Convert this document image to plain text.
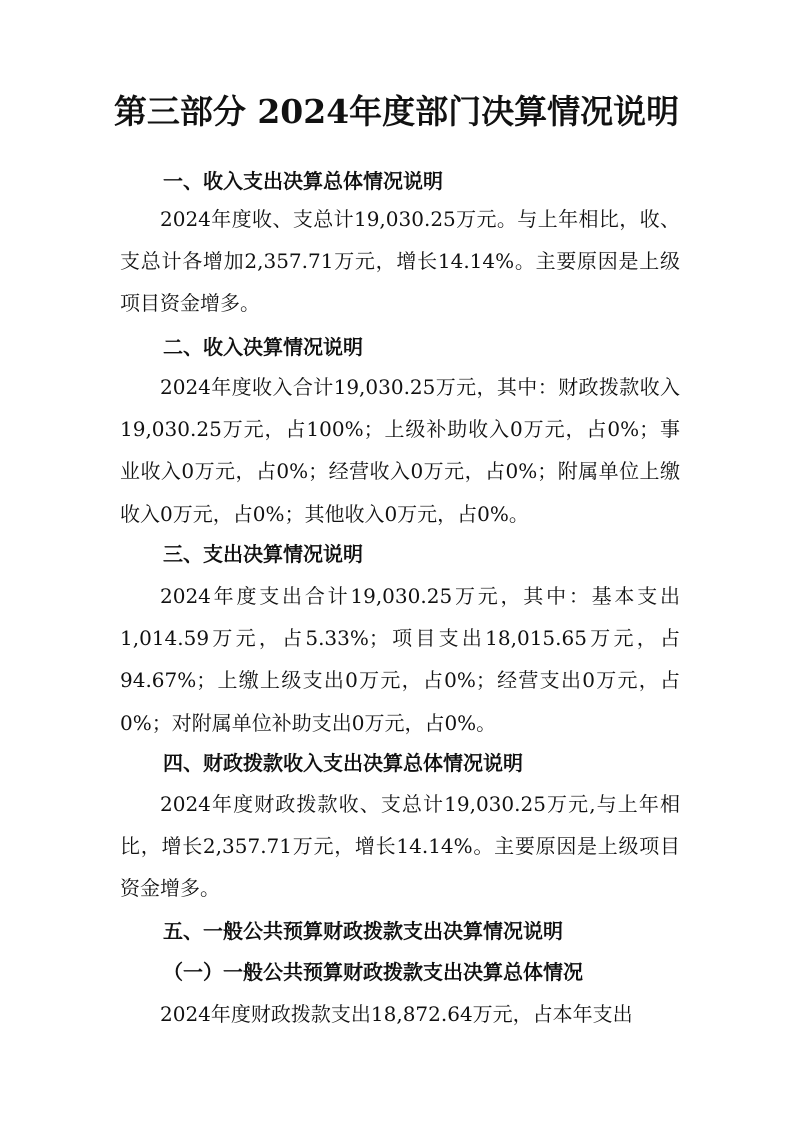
第三部分 2024年度部门决算情况说明
一、收入支出决算总体情况说明

2024年度收、支总计19,030.25万元。与上年相比，收、支总计各增加2,357.71万元，增长14.14%。主要原因是上级项目资金增多。

二、收入决算情况说明

2024年度收入合计19,030.25万元，其中：财政拨款收入19,030.25万元，占100%；上级补助收入0万元，占0%；事业收入0万元，占0%；经营收入0万元，占0%；附属单位上缴收入0万元，占0%；其他收入0万元，占0%。

三、支出决算情况说明

2024年度支出合计19,030.25万元，其中：基本支出1,014.59万元，占5.33%；项目支出18,015.65万元，占94.67%；上缴上级支出0万元，占0%；经营支出0万元，占0%；对附属单位补助支出0万元，占0%。

四、财政拨款收入支出决算总体情况说明

2024年度财政拨款收、支总计19,030.25万元,与上年相比，增长2,357.71万元，增长14.14%。主要原因是上级项目资金增多。

五、一般公共预算财政拨款支出决算情况说明
（一）一般公共预算财政拨款支出决算总体情况

2024年度财政拨款支出18,872.64万元，占本年支出
